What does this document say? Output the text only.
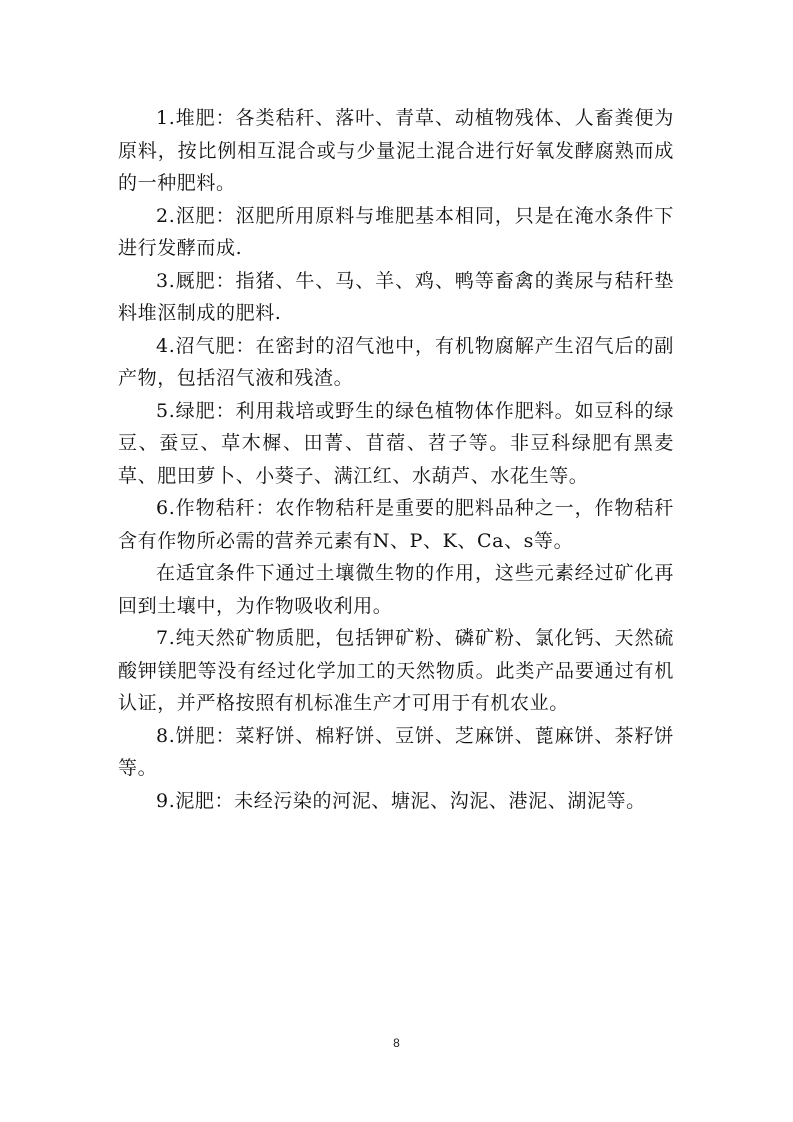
1.堆肥：各类秸秆、落叶、青草、动植物残体、人畜粪便为原料，按比例相互混合或与少量泥土混合进行好氧发酵腐熟而成的一种肥料。

2.沤肥：沤肥所用原料与堆肥基本相同，只是在淹水条件下进行发酵而成.

3.厩肥：指猪、牛、马、羊、鸡、鸭等畜禽的粪尿与秸秆垫料堆沤制成的肥料.

4.沼气肥：在密封的沼气池中，有机物腐解产生沼气后的副产物，包括沼气液和残渣。

5.绿肥：利用栽培或野生的绿色植物体作肥料。如豆科的绿豆、蚕豆、草木樨、田菁、苜蓿、苕子等。非豆科绿肥有黑麦草、肥田萝卜、小葵子、满江红、水葫芦、水花生等。

6.作物秸秆：农作物秸秆是重要的肥料品种之一，作物秸秆含有作物所必需的营养元素有N、P、K、Ca、s等。

在适宜条件下通过土壤微生物的作用，这些元素经过矿化再回到土壤中，为作物吸收利用。

7.纯天然矿物质肥，包括钾矿粉、磷矿粉、氯化钙、天然硫酸钾镁肥等没有经过化学加工的天然物质。此类产品要通过有机认证，并严格按照有机标准生产才可用于有机农业。

8.饼肥：菜籽饼、棉籽饼、豆饼、芝麻饼、蓖麻饼、茶籽饼等。

9.泥肥：未经污染的河泥、塘泥、沟泥、港泥、湖泥等。

8
